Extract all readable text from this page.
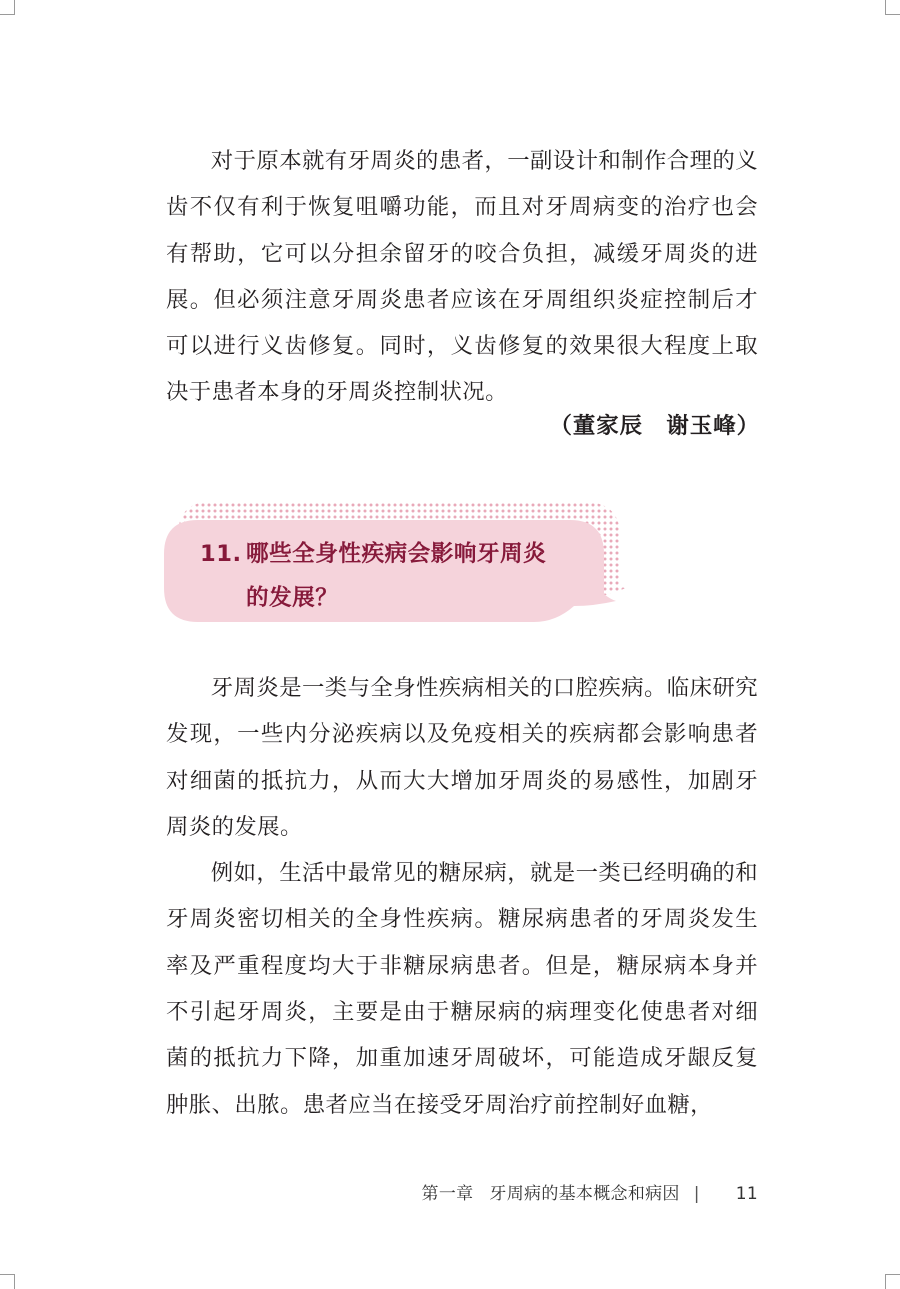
对于原本就有牙周炎的患者，一副设计和制作合理的义齿不仅有利于恢复咀嚼功能，而且对牙周病变的治疗也会有帮助，它可以分担余留牙的咬合负担，减缓牙周炎的进展。但必须注意牙周炎患者应该在牙周组织炎症控制后才可以进行义齿修复。同时，义齿修复的效果很大程度上取决于患者本身的牙周炎控制状况。

（董家辰　谢玉峰）
11. 哪些全身性疾病会影响牙周炎
的发展？

牙周炎是一类与全身性疾病相关的口腔疾病。临床研究发现，一些内分泌疾病以及免疫相关的疾病都会影响患者对细菌的抵抗力，从而大大增加牙周炎的易感性，加剧牙周炎的发展。

例如，生活中最常见的糖尿病，就是一类已经明确的和牙周炎密切相关的全身性疾病。糖尿病患者的牙周炎发生率及严重程度均大于非糖尿病患者。但是，糖尿病本身并不引起牙周炎，主要是由于糖尿病的病理变化使患者对细菌的抵抗力下降，加重加速牙周破坏，可能造成牙龈反复肿胀、出脓。患者应当在接受牙周治疗前控制好血糖，

第一章 牙周病的基本概念和病因 | 11
